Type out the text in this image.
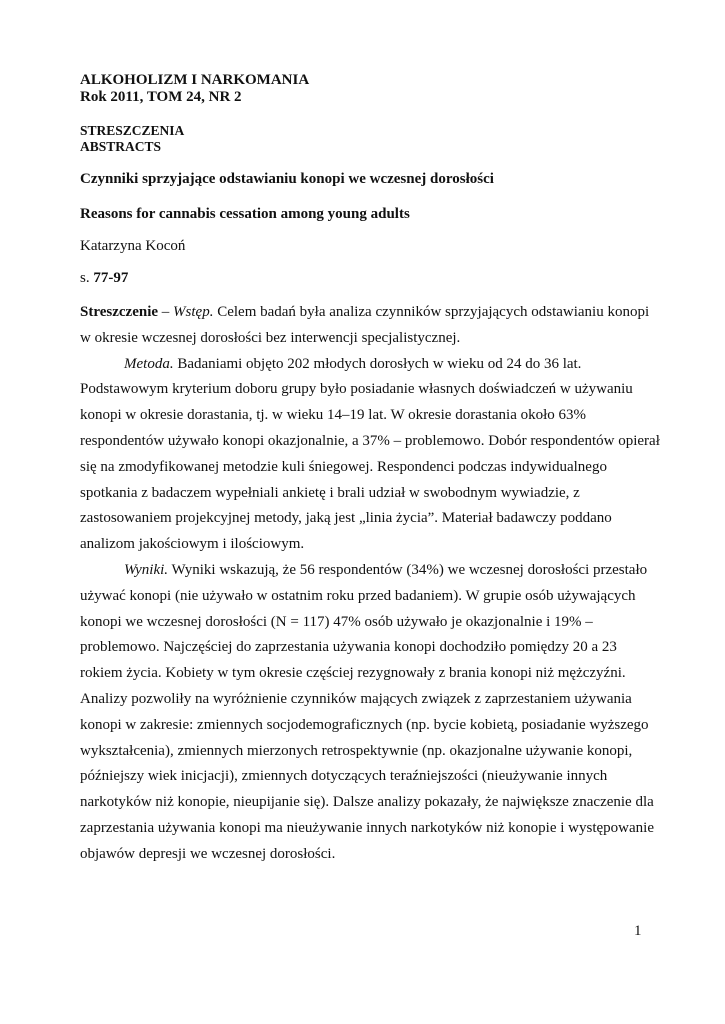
ALKOHOLIZM I NARKOMANIA
Rok 2011, TOM 24, NR 2
STRESZCZENIA
ABSTRACTS
Czynniki sprzyjające odstawianiu konopi we wczesnej dorosłości
Reasons for cannabis cessation among young adults
Katarzyna Kocoń
s. 77-97

Streszczenie – Wstęp. Celem badań była analiza czynników sprzyjających odstawianiu konopi
w okresie wczesnej dorosłości bez interwencji specjalistycznej.

Metoda. Badaniami objęto 202 młodych dorosłych w wieku od 24 do 36 lat.
Podstawowym kryterium doboru grupy było posiadanie własnych doświadczeń w używaniu
konopi w okresie dorastania, tj. w wieku 14–19 lat. W okresie dorastania około 63%
respondentów używało konopi okazjonalnie, a 37% – problemowo. Dobór respondentów opierał
się na zmodyfikowanej metodzie kuli śniegowej. Respondenci podczas indywidualnego
spotkania z badaczem wypełniali ankietę i brali udział w swobodnym wywiadzie, z
zastosowaniem projekcyjnej metody, jaką jest „linia życia”. Materiał badawczy poddano
analizom jakościowym i ilościowym.

Wyniki. Wyniki wskazują, że 56 respondentów (34%) we wczesnej dorosłości przestało
używać konopi (nie używało w ostatnim roku przed badaniem). W grupie osób używających
konopi we wczesnej dorosłości (N = 117) 47% osób używało je okazjonalnie i 19% –
problemowo. Najczęściej do zaprzestania używania konopi dochodziło pomiędzy 20 a 23
rokiem życia. Kobiety w tym okresie częściej rezygnowały z brania konopi niż mężczyźni.
Analizy pozwoliły na wyróżnienie czynników mających związek z zaprzestaniem używania
konopi w zakresie: zmiennych socjodemograficznych (np. bycie kobietą, posiadanie wyższego
wykształcenia), zmiennych mierzonych retrospektywnie (np. okazjonalne używanie konopi,
późniejszy wiek inicjacji), zmiennych dotyczących teraźniejszości (nieużywanie innych
narkotyków niż konopie, nieupijanie się). Dalsze analizy pokazały, że największe znaczenie dla
zaprzestania używania konopi ma nieużywanie innych narkotyków niż konopie i występowanie
objawów depresji we wczesnej dorosłości.

1
